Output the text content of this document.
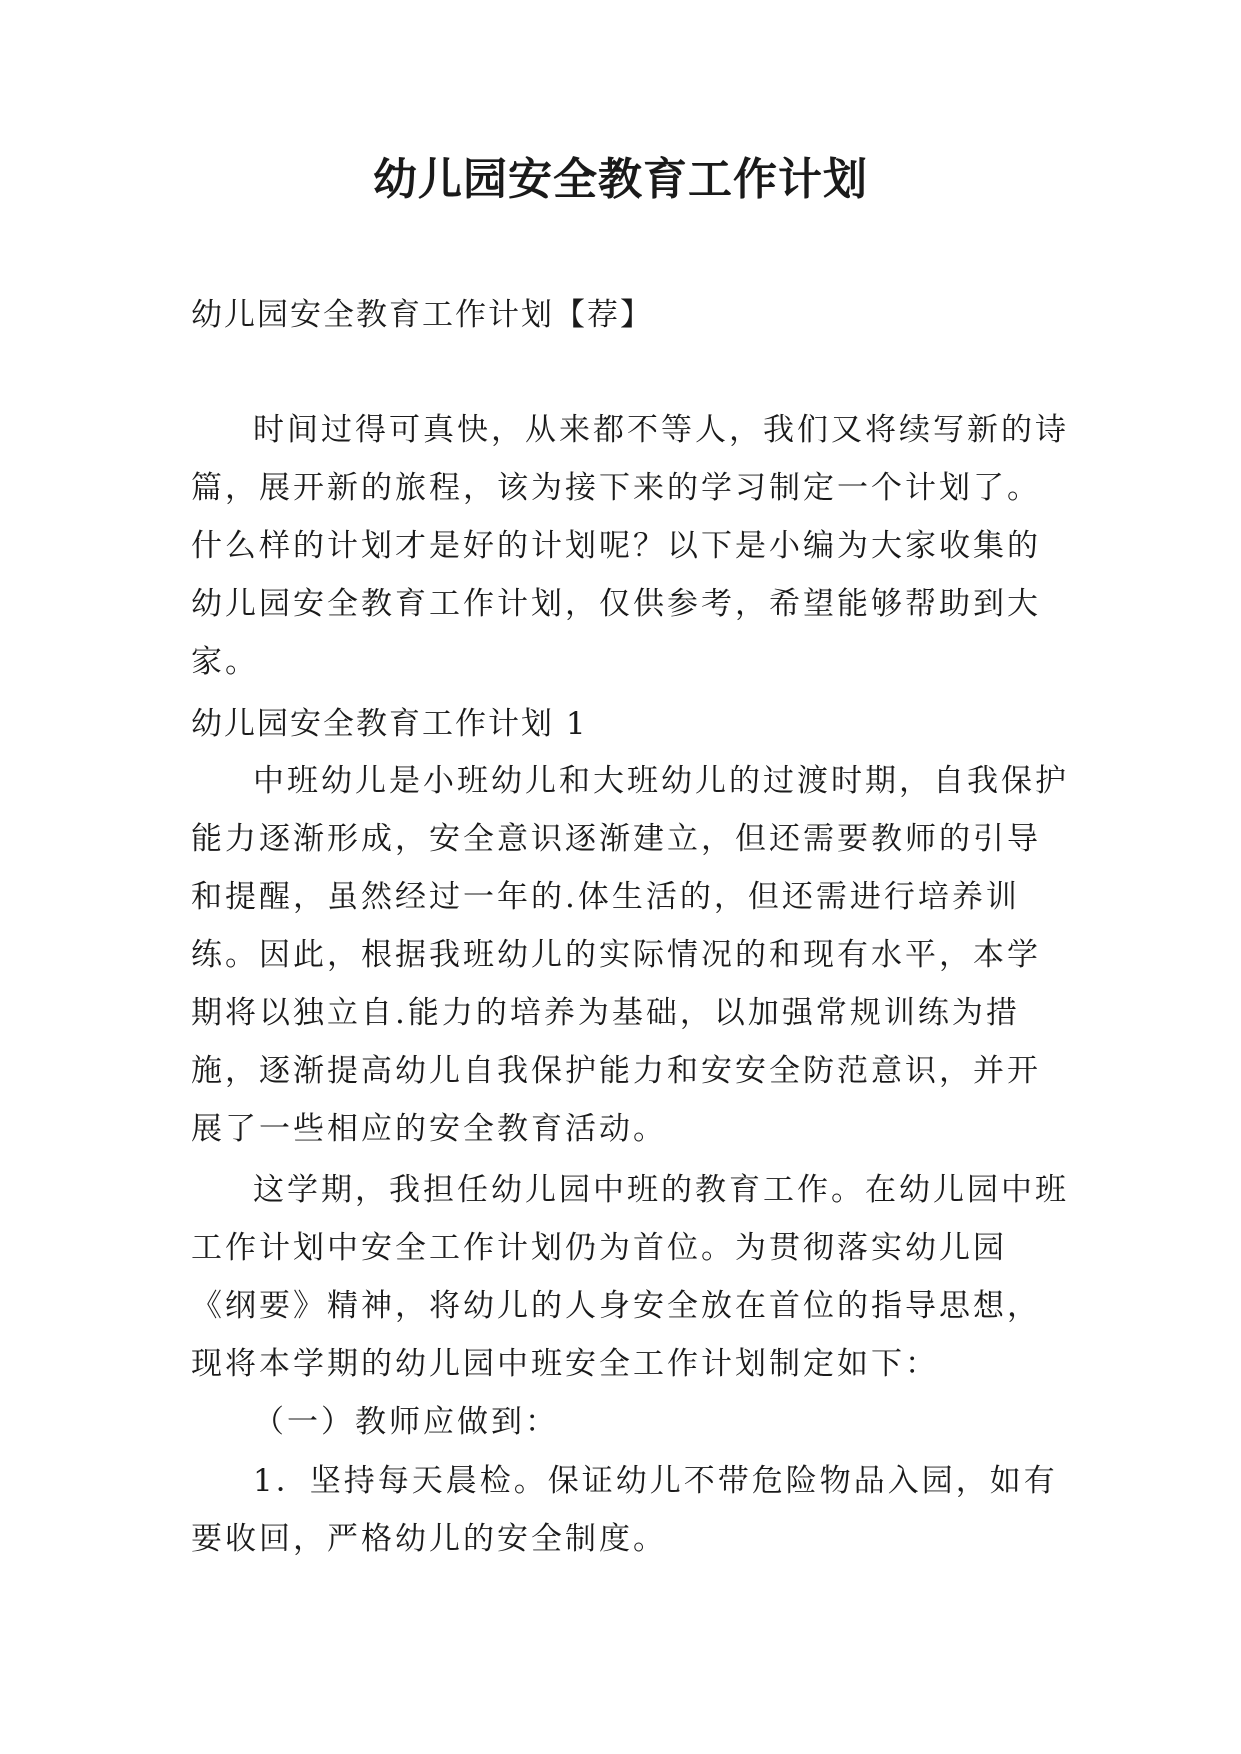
幼儿园安全教育工作计划

幼儿园安全教育工作计划【荐】

时间过得可真快，从来都不等人，我们又将续写新的诗篇，展开新的旅程，该为接下来的学习制定一个计划了。什么样的计划才是好的计划呢？以下是小编为大家收集的幼儿园安全教育工作计划，仅供参考，希望能够帮助到大家。

幼儿园安全教育工作计划 1

中班幼儿是小班幼儿和大班幼儿的过渡时期，自我保护能力逐渐形成，安全意识逐渐建立，但还需要教师的引导和提醒，虽然经过一年的.体生活的，但还需进行培养训练。因此，根据我班幼儿的实际情况的和现有水平，本学期将以独立自.能力的培养为基础，以加强常规训练为措施，逐渐提高幼儿自我保护能力和安安全防范意识，并开展了一些相应的安全教育活动。

这学期，我担任幼儿园中班的教育工作。在幼儿园中班工作计划中安全工作计划仍为首位。为贯彻落实幼儿园《纲要》精神，将幼儿的人身安全放在首位的指导思想，现将本学期的幼儿园中班安全工作计划制定如下：

（一）教师应做到：

1．坚持每天晨检。保证幼儿不带危险物品入园，如有要收回，严格幼儿的安全制度。
